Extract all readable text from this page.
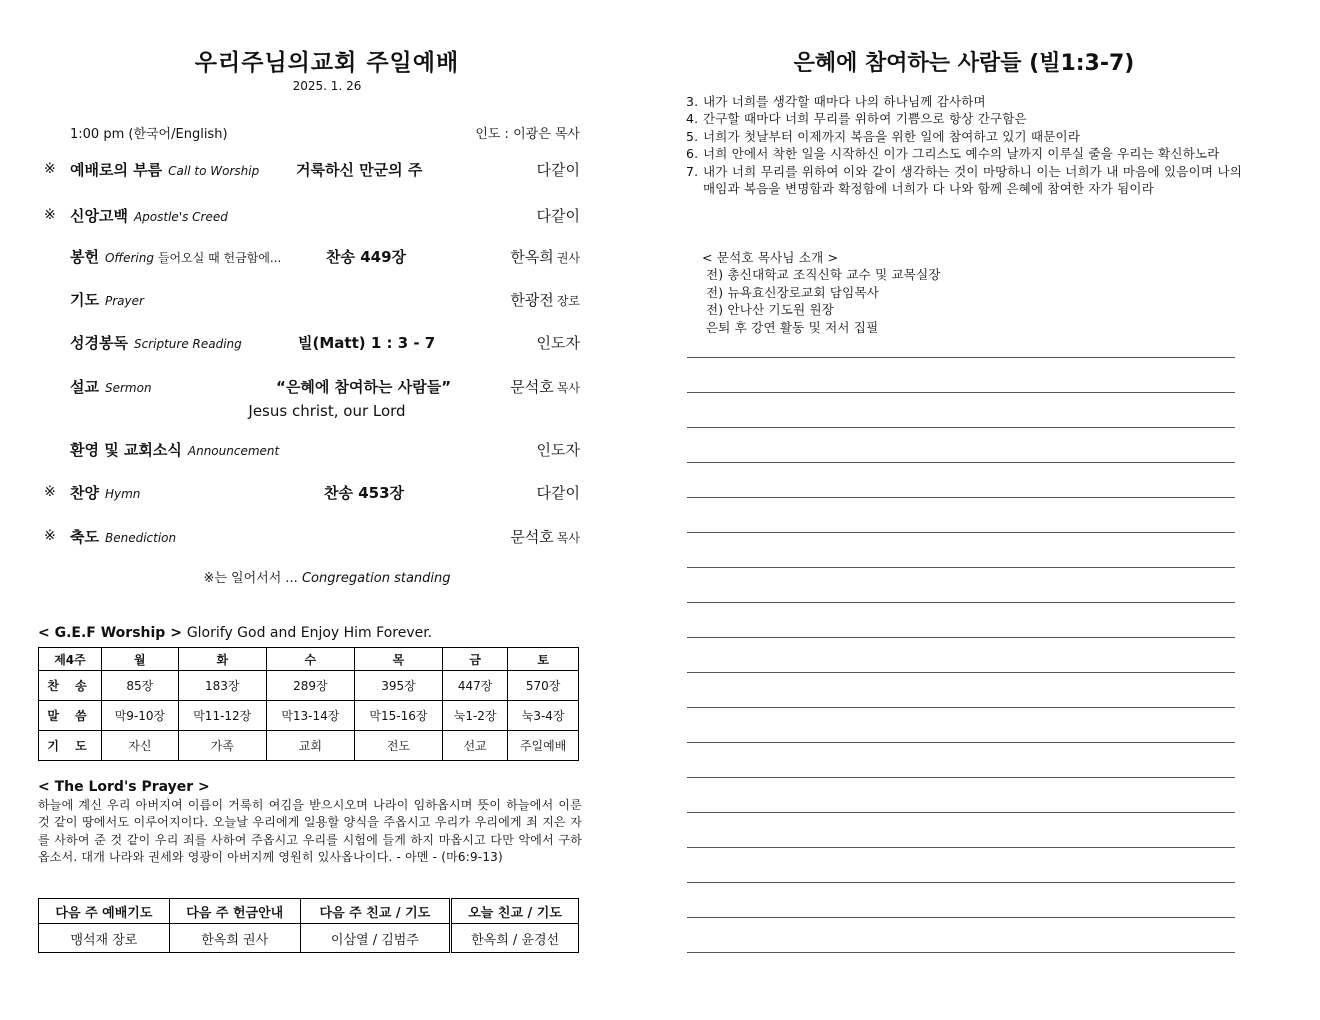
우리주님의교회 주일예배
2025. 1. 26
1:00 pm (한국어/English)	인도 : 이광은 목사
※ 예배로의 부름 Call to Worship 거룩하신 만군의 주	다같이
※ 신앙고백 Apostle's Creed	다같이
봉헌 Offering 들어오실 때 헌금함에...	찬송 449장	한옥희 권사
기도 Prayer	한광전 장로
성경봉독 Scripture Reading	빌(Matt) 1 : 3 - 7	인도자
설교 Sermon	“은혜에 참여하는 사람들”	문석호 목사
Jesus christ, our Lord
환영 및 교회소식 Announcement	인도자
※ 찬양 Hymn	찬송 453장	다같이
※ 축도 Benediction	문석호 목사
※는 일어서서 ... Congregation standing
< G.E.F Worship > Glorify God and Enjoy Him Forever.
제4주	월	화	수	목	금	토
찬 송	85장	183장	289장	395장	447장	570장
말 씀	막9-10장	막11-12장	막13-14장	막15-16장	눅1-2장	눅3-4장
기 도	자신	가족	교회	전도	선교	주일예배
< The Lord's Prayer >
하늘에 계신 우리 아버지여 이름이 거룩히 여김을 받으시오며 나라이 임하옵시며 뜻이 하늘에서 이룬 것 같이 땅에서도 이루어지이다. 오늘날 우리에게 일용할 양식을 주옵시고 우리가 우리에게 죄 지은 자를 사하여 준 것 같이 우리 죄를 사하여 주옵시고 우리를 시험에 들게 하지 마옵시고 다만 악에서 구하옵소서. 대개 나라와 권세와 영광이 아버지께 영원히 있사옵나이다. - 아멘 - (마6:9-13)
다음 주 예배기도	다음 주 헌금안내	다음 주 친교 / 기도	오늘 친교 / 기도
맹석재 장로	한옥희 권사	이삼열 / 김범주	한옥희 / 윤경선
은혜에 참여하는 사람들 (빌1:3-7)
3. 내가 너희를 생각할 때마다 나의 하나님께 감사하며
4. 간구할 때마다 너희 무리를 위하여 기쁨으로 항상 간구함은
5. 너희가 첫날부터 이제까지 복음을 위한 일에 참여하고 있기 때문이라
6. 너희 안에서 착한 일을 시작하신 이가 그리스도 예수의 날까지 이루실 줄을 우리는 확신하노라
7. 내가 너희 무리를 위하여 이와 같이 생각하는 것이 마땅하니 이는 너희가 내 마음에 있음이며 나의 매임과 복음을 변명함과 확정함에 너희가 다 나와 함께 은혜에 참여한 자가 됨이라
< 문석호 목사님 소개 >
전) 총신대학교 조직신학 교수 및 교목실장
전) 뉴욕효신장로교회 담임목사
전) 안나산 기도원 원장
은퇴 후 강연 활동 및 저서 집필
